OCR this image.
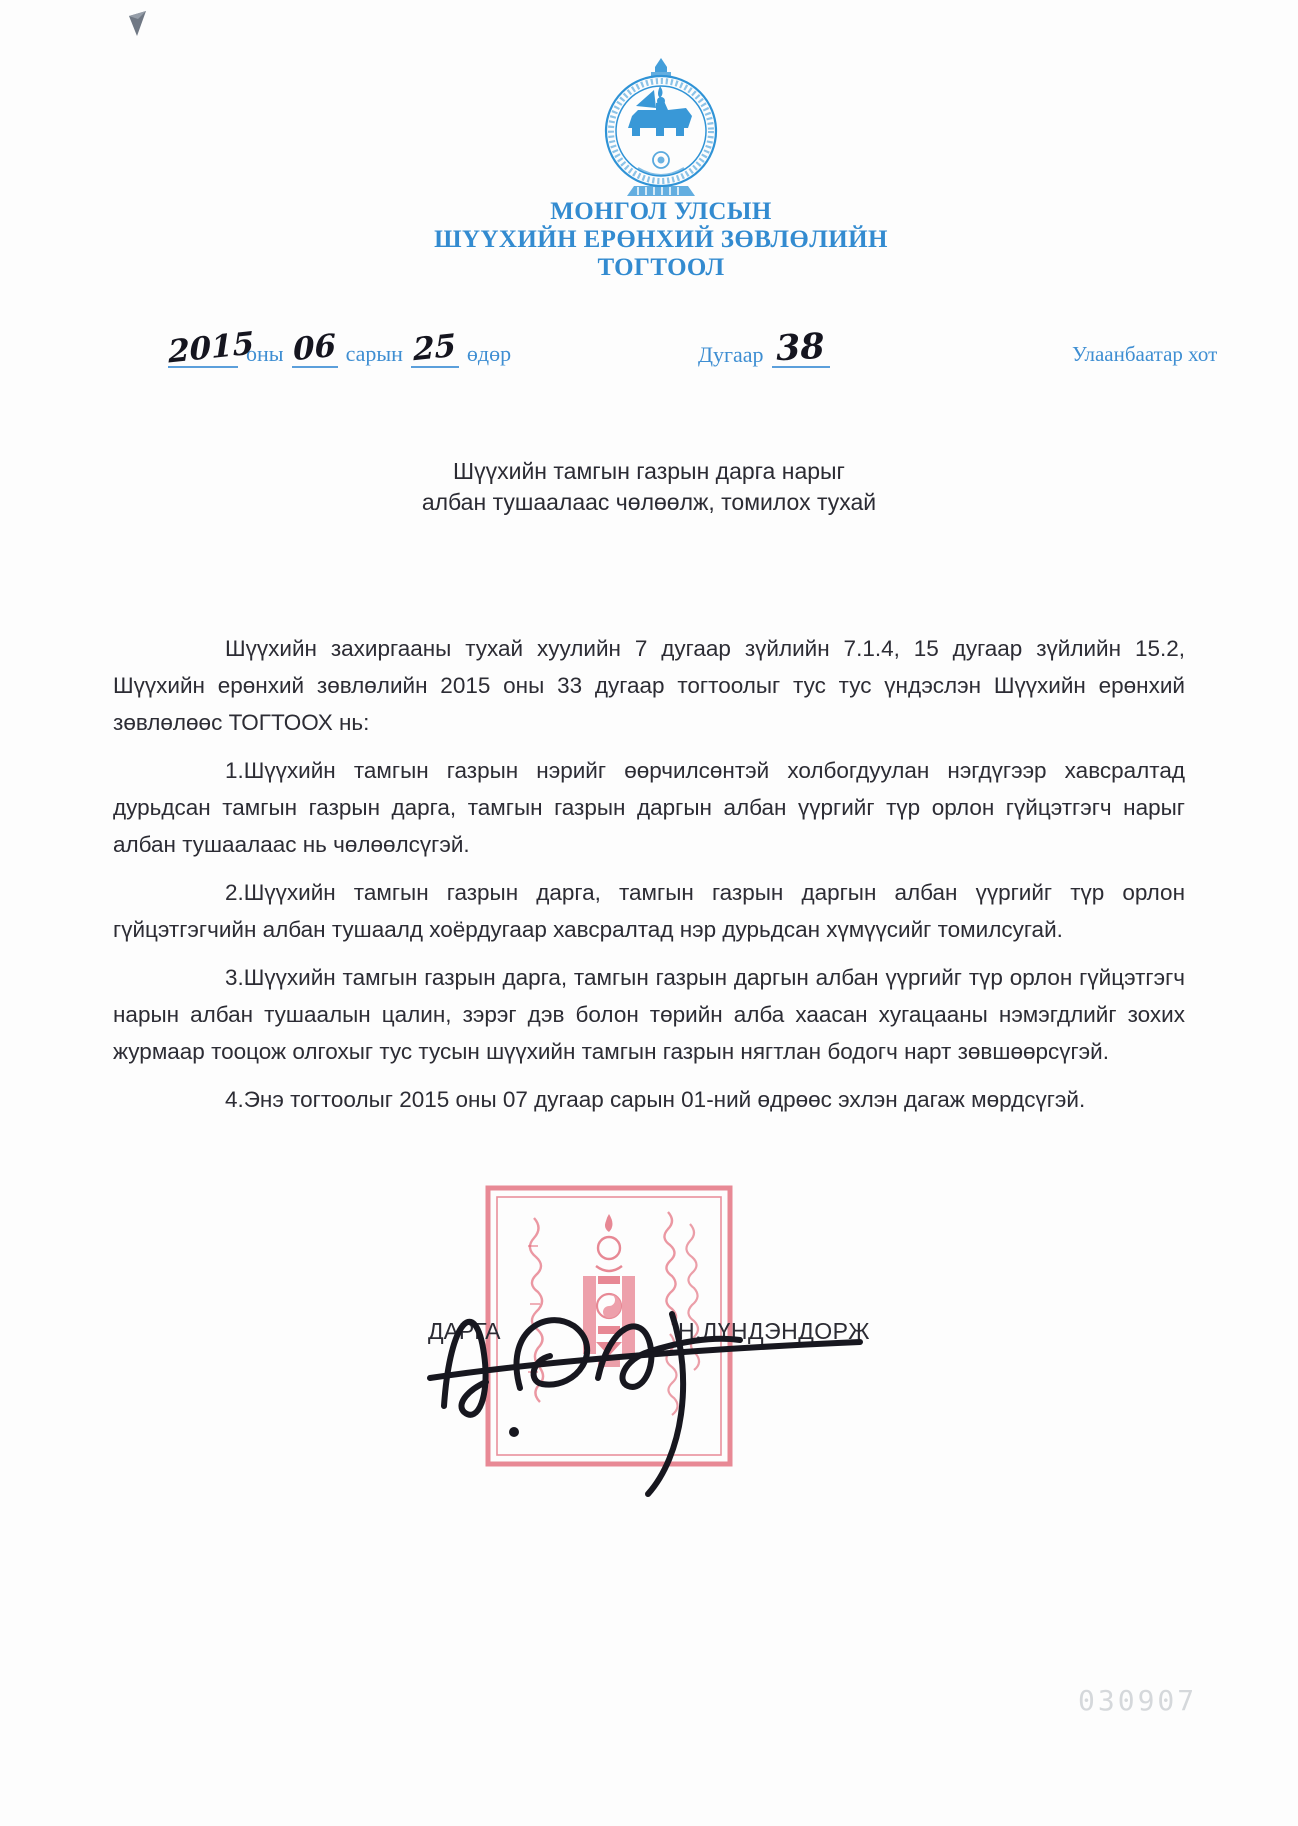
МОНГОЛ УЛСЫН
ШҮҮХИЙН ЕРӨНХИЙ ЗӨВЛӨЛИЙН
ТОГТООЛ
2015оны 06 сарын 25 өдөр	Дугаар 38	Улаанбаатар хот
Шүүхийн тамгын газрын дарга нарыг
албан тушаалаас чөлөөлж, томилох тухай

Шүүхийн захиргааны тухай хуулийн 7 дугаар зүйлийн 7.1.4, 15 дугаар зүйлийн 15.2, Шүүхийн ерөнхий зөвлөлийн 2015 оны 33 дугаар тогтоолыг тус тус үндэслэн Шүүхийн ерөнхий зөвлөлөөс ТОГТООХ нь:

1.Шүүхийн тамгын газрын нэрийг өөрчилсөнтэй холбогдуулан нэгдүгээр хавсралтад дурьдсан тамгын газрын дарга, тамгын газрын даргын албан үүргийг түр орлон гүйцэтгэгч нарыг албан тушаалаас нь чөлөөлсүгэй.

2.Шүүхийн тамгын газрын дарга, тамгын газрын даргын албан үүргийг түр орлон гүйцэтгэгчийн албан тушаалд хоёрдугаар хавсралтад нэр дурьдсан хүмүүсийг томилсугай.

3.Шүүхийн тамгын газрын дарга, тамгын газрын даргын албан үүргийг түр орлон гүйцэтгэгч нарын албан тушаалын цалин, зэрэг дэв болон төрийн алба хаасан хугацааны нэмэгдлийг зохих журмаар тооцож олгохыг тус тусын шүүхийн тамгын газрын нягтлан бодогч нарт зөвшөөрсүгэй.

4.Энэ тогтоолыг 2015 оны 07 дугаар сарын 01-ний өдрөөс эхлэн дагаж мөрдсүгэй.

ДАРГА	Н.ЛҮНДЭНДОРЖ
030907
